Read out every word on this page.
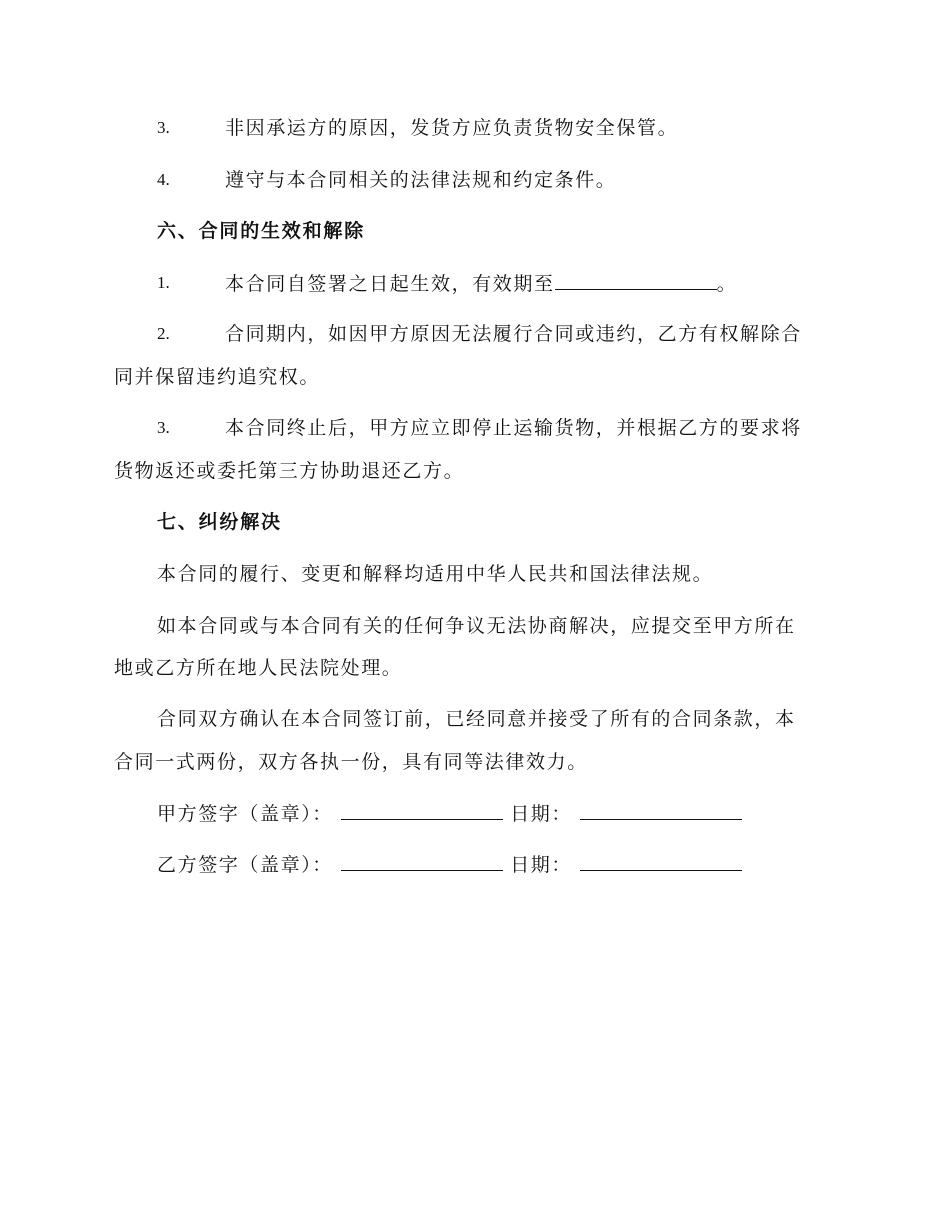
3.	非因承运方的原因，发货方应负责货物安全保管。
4.	遵守与本合同相关的法律法规和约定条件。
六、合同的生效和解除
1.	本合同自签署之日起生效，有效期至	。
2.	合同期内，如因甲方原因无法履行合同或违约，乙方有权解除合
同并保留违约追究权。
3.	本合同终止后，甲方应立即停止运输货物，并根据乙方的要求将
货物返还或委托第三方协助退还乙方。
七、纠纷解决
本合同的履行、变更和解释均适用中华人民共和国法律法规。
如本合同或与本合同有关的任何争议无法协商解决，应提交至甲方所在
地或乙方所在地人民法院处理。
合同双方确认在本合同签订前，已经同意并接受了所有的合同条款，本
合同一式两份，双方各执一份，具有同等法律效力。
甲方签字（盖章）：	日期：
乙方签字（盖章）：	日期：
